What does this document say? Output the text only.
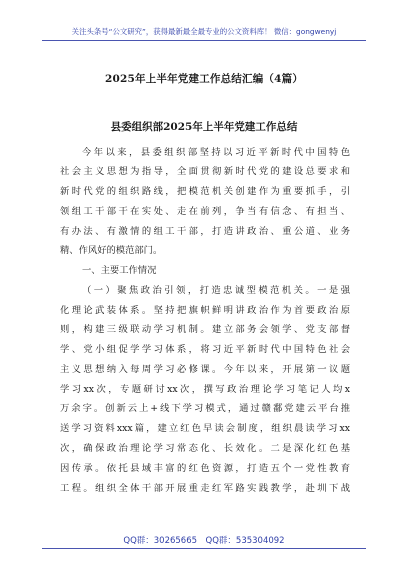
关注头条号“公文研究”，获得最新最全最专业的公文资料库！ 微信：gongwenyj
2025年上半年党建工作总结汇编（4篇）
县委组织部2025年上半年党建工作总结
今年以来，县委组织部坚持以习近平新时代中国特色
社会主义思想为指导，全面贯彻新时代党的建设总要求和
新时代党的组织路线，把模范机关创建作为重要抓手，引
领组工干部干在实处、走在前列，争当有信念、有担当、
有办法、有激情的组工干部，打造讲政治、重公道、业务
精、作风好的模范部门。
一、主要工作情况
（一）聚焦政治引领，打造忠诚型模范机关。一是强
化理论武装体系。坚持把旗帜鲜明讲政治作为首要政治原
则，构建三级联动学习机制。建立部务会领学、党支部督
学、党小组促学学习体系，将习近平新时代中国特色社会
主义思想纳入每周学习必修课。今年以来，开展第一议题
学习xx次，专题研讨xx次，撰写政治理论学习笔记人均x
万余字。创新云上+线下学习模式，通过赣鄱党建云平台推
送学习资料xxx篇，建立红色早读会制度，组织晨读学习xx
次，确保政治理论学习常态化、长效化。二是深化红色基
因传承。依托县域丰富的红色资源，打造五个一党性教育
工程。组织全体干部开展重走红军路实践教学，赴圳下战
QQ群：30265665　QQ群：535304092
